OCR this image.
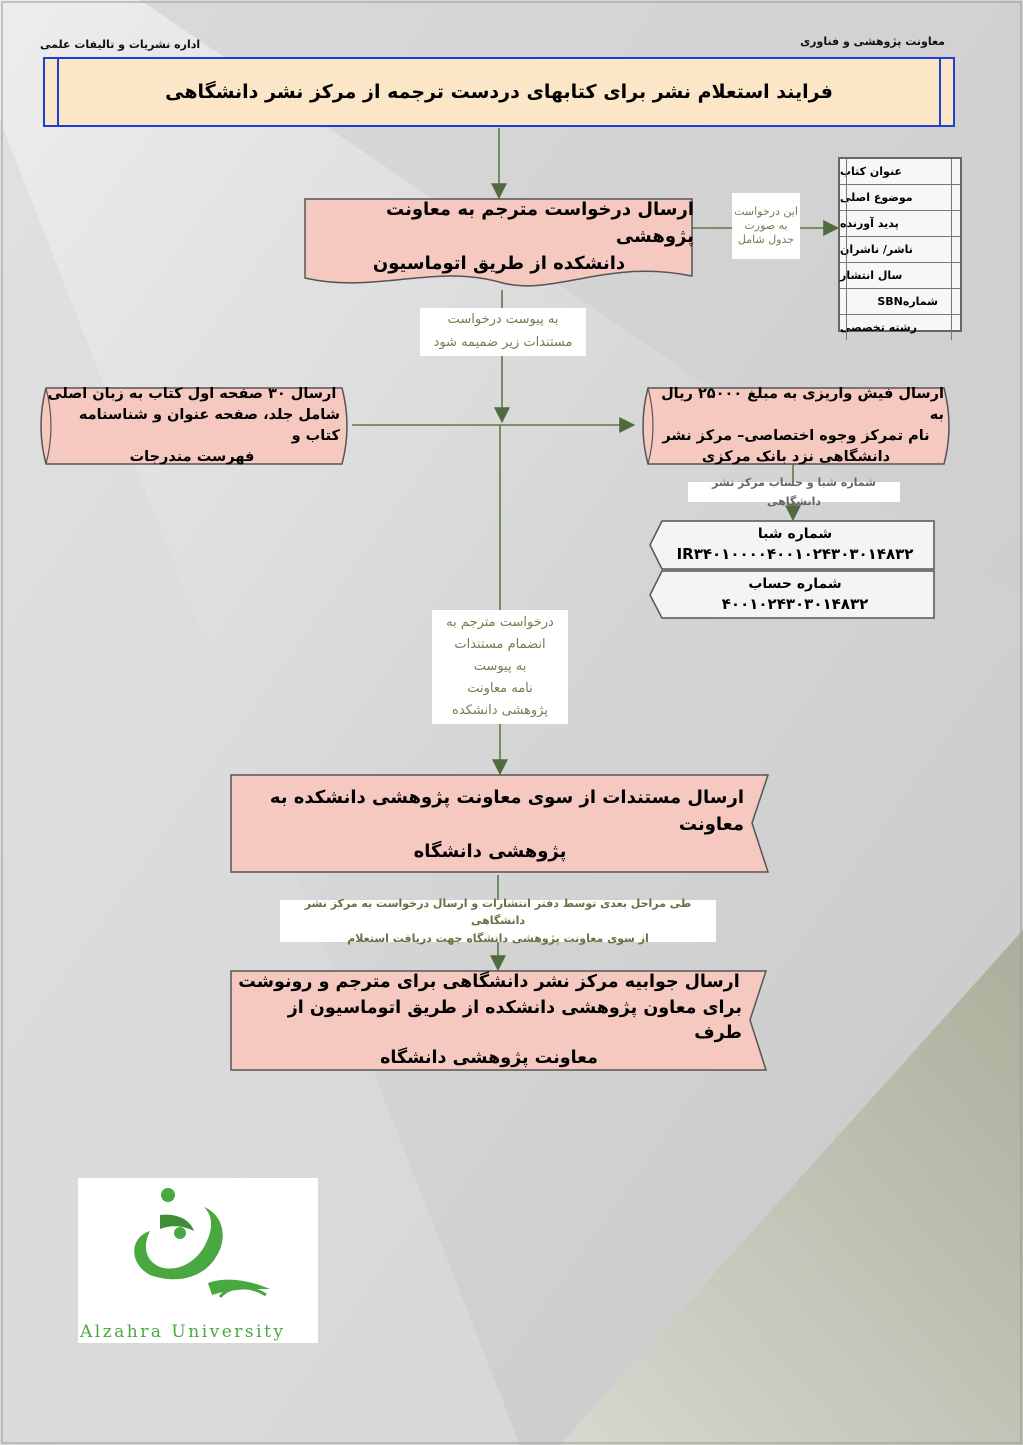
معاونت پژوهشی و فناوری
اداره نشریات و تالیفات علمی
فرایند استعلام نشر برای کتابهای دردست ترجمه از مرکز نشر دانشگاهی
ارسال درخواست مترجم به معاونت پژوهشی
دانشکده از طریق اتوماسیون
این درخواست
به صورت
جدول شامل
عنوان کتاب
موضوع اصلی
پدید آورنده
ناشر/ ناشران
سال انتشار
SBNشماره
رشته تخصصی
به پیوست درخواست
مستندات زیر ضمیمه شود
ارسال ۳۰ صفحه اول کتاب به زبان اصلی
شامل جلد، صفحه عنوان و شناسنامه کتاب و
فهرست مندرجات
ارسال فیش واریزی به مبلغ ۲۵۰۰۰ ریال به
نام تمرکز وجوه اختصاصی– مرکز نشر
دانشگاهی نزد بانک مرکزی
شماره شبا و حساب مرکز نشر دانشگاهی
شماره شبا
IR۳۴۰۱۰۰۰۰۴۰۰۱۰۲۴۳۰۳۰۱۴۸۳۲
شماره حساب
۴۰۰۱۰۲۴۳۰۳۰۱۴۸۳۲
درخواست مترجم به
انضمام مستندات
به پیوست
نامه معاونت
پژوهشی دانشکده
ارسال مستندات از سوی معاونت پژوهشی دانشکده به معاونت
پژوهشی دانشگاه
طی مراحل بعدی توسط دفتر انتشارات و ارسال درخواست به مرکز نشر دانشگاهی
از سوی معاونت پژوهشی دانشگاه جهت دریافت استعلام
ارسال جوابیه مرکز نشر دانشگاهی برای مترجم و رونوشت
برای معاون پژوهشی دانشکده از طریق اتوماسیون از طرف
معاونت پژوهشی دانشگاه
Alzahra University
